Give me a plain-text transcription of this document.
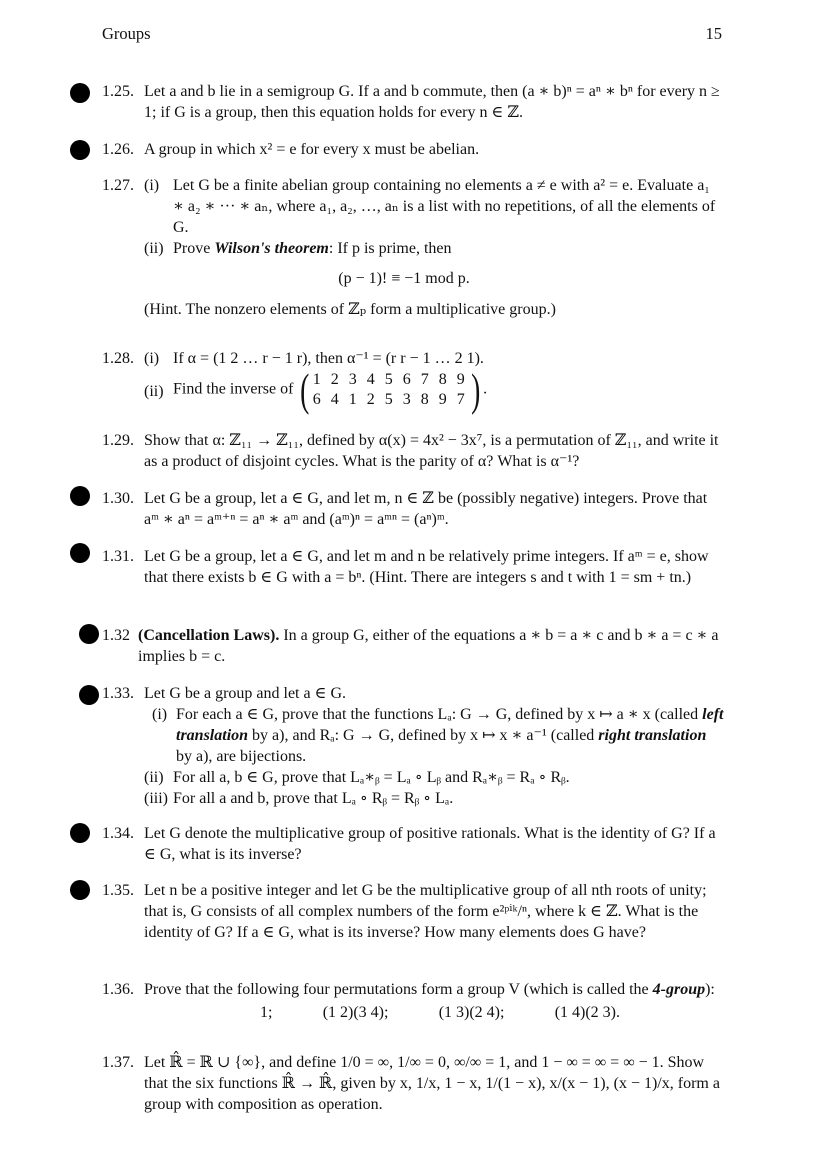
Groups	15
1.25. Let a and b lie in a semigroup G. If a and b commute, then (a ∗ b)ⁿ = aⁿ ∗ bⁿ for every n ≥ 1; if G is a group, then this equation holds for every n ∈ ℤ.
1.26. A group in which x² = e for every x must be abelian.
1.27. (i) Let G be a finite abelian group containing no elements a ≠ e with a² = e. Evaluate a₁ ∗ a₂ ∗ ··· ∗ aₙ, where a₁, a₂, …, aₙ is a list with no repetitions, of all the elements of G.
(ii) Prove Wilson's theorem: If p is prime, then
(p − 1)! ≡ −1 mod p.
(Hint. The nonzero elements of ℤₚ form a multiplicative group.)
1.28. (i) If α = (1 2 … r − 1 r), then α⁻¹ = (r r − 1 … 2 1).
(ii) Find the inverse of ( 1 2 3 4 5 6 7 8 9
6 4 1 2 5 3 8 9 7 ) .
1.29. Show that α: ℤ₁₁ → ℤ₁₁, defined by α(x) = 4x² − 3x⁷, is a permutation of ℤ₁₁, and write it as a product of disjoint cycles. What is the parity of α? What is α⁻¹?
1.30. Let G be a group, let a ∈ G, and let m, n ∈ ℤ be (possibly negative) integers. Prove that aᵐ ∗ aⁿ = aᵐ⁺ⁿ = aⁿ ∗ aᵐ and (aᵐ)ⁿ = aᵐⁿ = (aⁿ)ᵐ.
1.31. Let G be a group, let a ∈ G, and let m and n be relatively prime integers. If aᵐ = e, show that there exists b ∈ G with a = bⁿ. (Hint. There are integers s and t with 1 = sm + tn.)
1.32 (Cancellation Laws). In a group G, either of the equations a ∗ b = a ∗ c and b ∗ a = c ∗ a implies b = c.
1.33. Let G be a group and let a ∈ G.
(i) For each a ∈ G, prove that the functions Lₐ: G → G, defined by x ↦ a ∗ x (called left translation by a), and Rₐ: G → G, defined by x ↦ x ∗ a⁻¹ (called right translation by a), are bijections.
(ii) For all a, b ∈ G, prove that Lₐ∗ᵦ = Lₐ ∘ Lᵦ and Rₐ∗ᵦ = Rₐ ∘ Rᵦ.
(iii) For all a and b, prove that Lₐ ∘ Rᵦ = Rᵦ ∘ Lₐ.
1.34. Let G denote the multiplicative group of positive rationals. What is the identity of G? If a ∈ G, what is its inverse?
1.35. Let n be a positive integer and let G be the multiplicative group of all nth roots of unity; that is, G consists of all complex numbers of the form e²ᵖⁱᵏ/ⁿ, where k ∈ ℤ. What is the identity of G? If a ∈ G, what is its inverse? How many elements does G have?
1.36. Prove that the following four permutations form a group V (which is called the 4-group):
1;	(1 2)(3 4);	(1 3)(2 4);	(1 4)(2 3).
1.37. Let ℝ̂ = ℝ ∪ {∞}, and define 1/0 = ∞, 1/∞ = 0, ∞/∞ = 1, and 1 − ∞ = ∞ = ∞ − 1. Show that the six functions ℝ̂ → ℝ̂, given by x, 1/x, 1 − x, 1/(1 − x), x/(x − 1), (x − 1)/x, form a group with composition as operation.
